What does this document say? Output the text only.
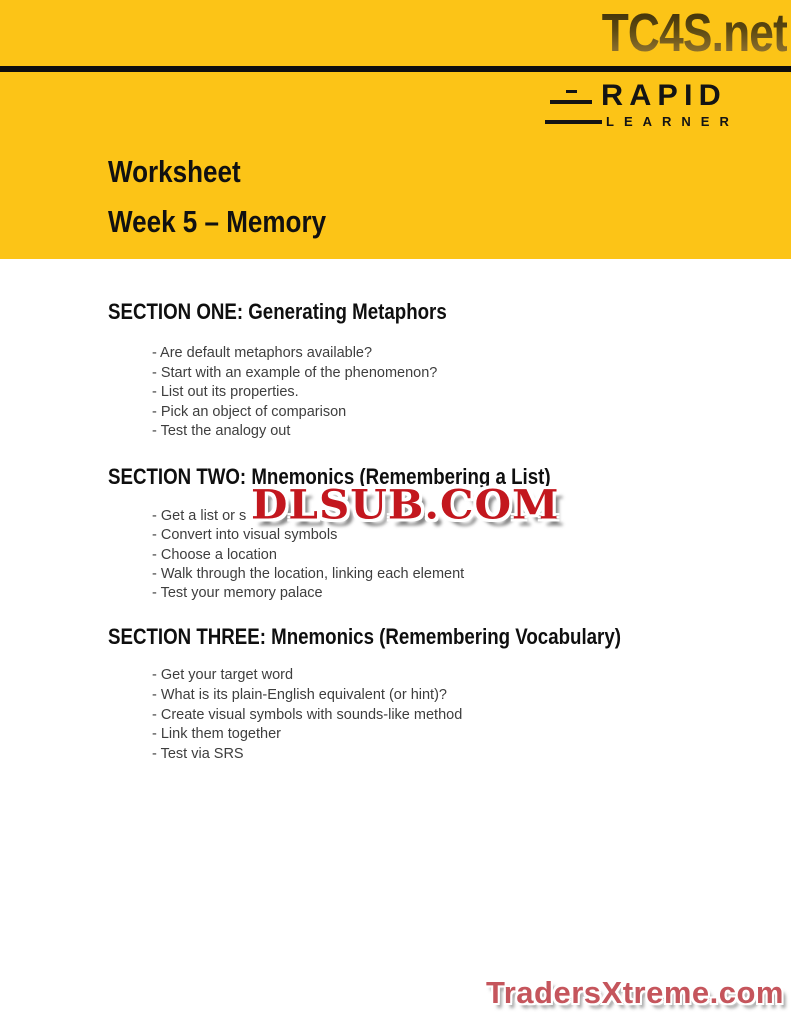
TC4S.net
RAPID
LEARNER
Worksheet
Week 5 – Memory
SECTION ONE: Generating Metaphors
- Are default metaphors available?
- Start with an example of the phenomenon?
- List out its properties.
- Pick an object of comparison
- Test the analogy out
SECTION TWO: Mnemonics (Remembering a List)
- Get a list or s
- Convert into visual symbols
- Choose a location
- Walk through the location, linking each element
- Test your memory palace
SECTION THREE: Mnemonics (Remembering Vocabulary)
- Get your target word
- What is its plain-English equivalent (or hint)?
- Create visual symbols with sounds-like method
- Link them together
- Test via SRS
DLSUB.COM
TradersXtreme.com
